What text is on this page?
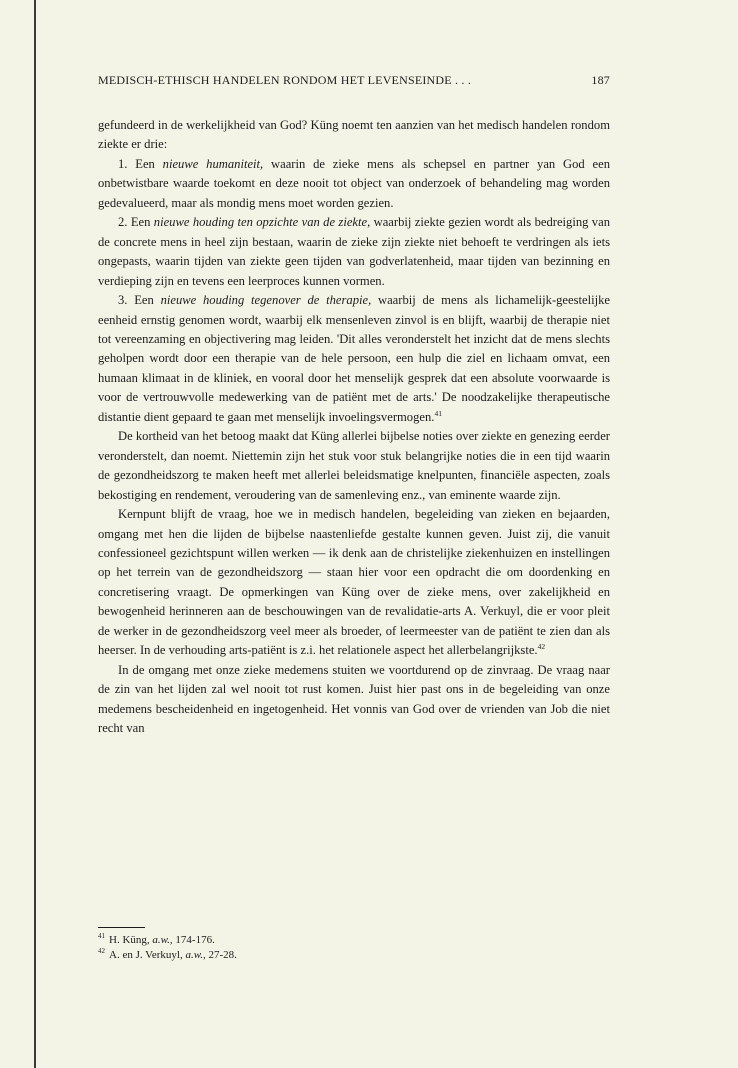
MEDISCH-ETHISCH HANDELEN RONDOM HET LEVENSEINDE . . .	187

gefundeerd in de werkelijkheid van God? Küng noemt ten aanzien van het medisch handelen rondom ziekte er drie:

1. Een nieuwe humaniteit, waarin de zieke mens als schepsel en partner yan God een onbetwistbare waarde toekomt en deze nooit tot object van onderzoek of behandeling mag worden gedevalueerd, maar als mondig mens moet worden gezien.

2. Een nieuwe houding ten opzichte van de ziekte, waarbij ziekte gezien wordt als bedreiging van de concrete mens in heel zijn bestaan, waarin de zieke zijn ziekte niet behoeft te verdringen als iets ongepasts, waarin tijden van ziekte geen tijden van godverlatenheid, maar tijden van bezinning en verdieping zijn en tevens een leerproces kunnen vormen.

3. Een nieuwe houding tegenover de therapie, waarbij de mens als lichamelijk-geestelijke eenheid ernstig genomen wordt, waarbij elk mensenleven zinvol is en blijft, waarbij de therapie niet tot vereenzaming en objectivering mag leiden. 'Dit alles veronderstelt het inzicht dat de mens slechts geholpen wordt door een therapie van de hele persoon, een hulp die ziel en lichaam omvat, een humaan klimaat in de kliniek, en vooral door het menselijk gesprek dat een absolute voorwaarde is voor de vertrouwvolle medewerking van de patiënt met de arts.' De noodzakelijke therapeutische distantie dient gepaard te gaan met menselijk invoelingsvermogen.$^{41}$

De kortheid van het betoog maakt dat Küng allerlei bijbelse noties over ziekte en genezing eerder veronderstelt, dan noemt. Niettemin zijn het stuk voor stuk belangrijke noties die in een tijd waarin de gezondheidszorg te maken heeft met allerlei beleidsmatige knelpunten, financiële aspecten, zoals bekostiging en rendement, veroudering van de samenleving enz., van eminente waarde zijn.

Kernpunt blijft de vraag, hoe we in medisch handelen, begeleiding van zieken en bejaarden, omgang met hen die lijden de bijbelse naastenliefde gestalte kunnen geven. Juist zij, die vanuit confessioneel gezichtspunt willen werken — ik denk aan de christelijke ziekenhuizen en instellingen op het terrein van de gezondheidszorg — staan hier voor een opdracht die om doordenking en concretisering vraagt. De opmerkingen van Küng over de zieke mens, over zakelijkheid en bewogenheid herinneren aan de beschouwingen van de revalidatie-arts A. Verkuyl, die er voor pleit de werker in de gezondheidszorg veel meer als broeder, of leermeester van de patiënt te zien dan als heerser. In de verhouding arts-patiënt is z.i. het relationele aspect het allerbelangrijkste.$^{42}$

In de omgang met onze zieke medemens stuiten we voortdurend op de zinvraag. De vraag naar de zin van het lijden zal wel nooit tot rust komen. Juist hier past ons in de begeleiding van onze medemens bescheidenheid en ingetogenheid. Het vonnis van God over de vrienden van Job die niet recht van

$^{41}$ H. Küng, a.w., 174-176.
$^{42}$ A. en J. Verkuyl, a.w., 27-28.
